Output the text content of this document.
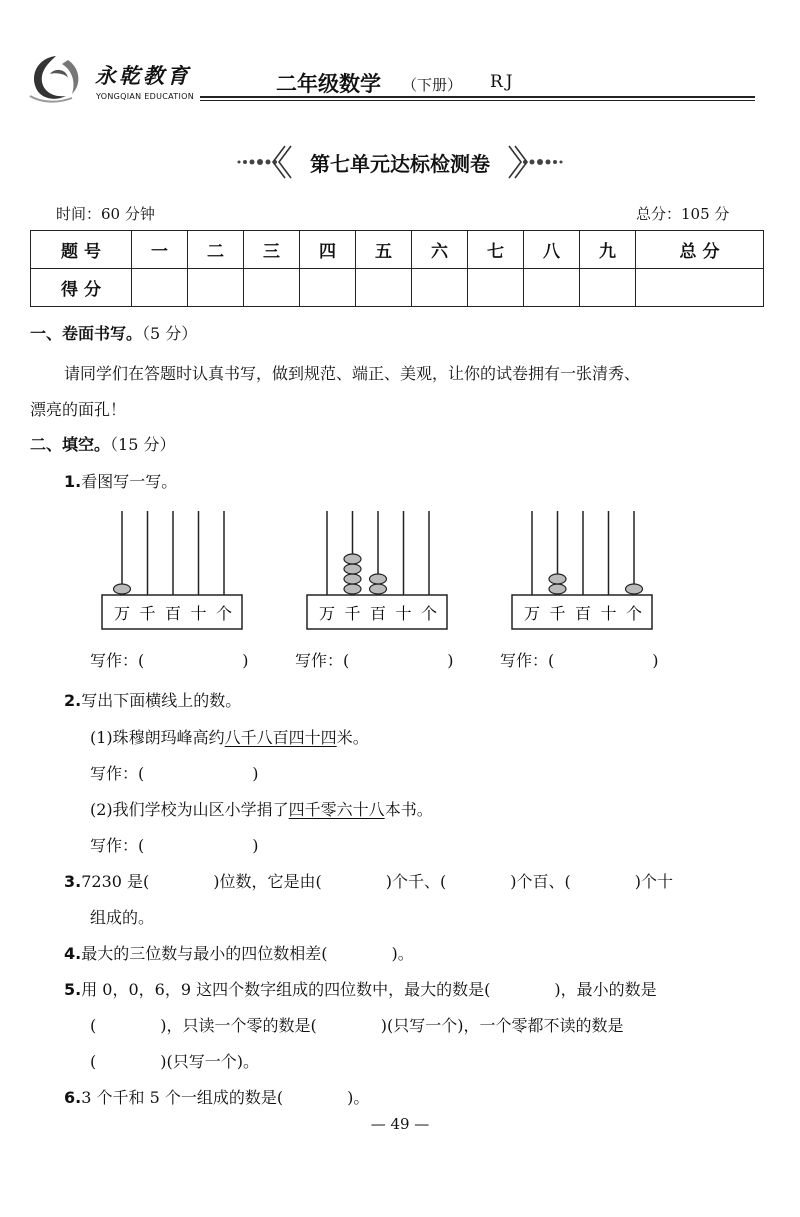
永乾教育
YONGQIAN EDUCATION
二年级数学 （下册） RJ
第七单元达标检测卷
时间：60 分钟	总分：105 分
题 号	一	二	三	四	五	六	七	八	九	总 分
得 分										
一、卷面书写。（5 分）
请同学们在答题时认真书写，做到规范、端正、美观，让你的试卷拥有一张清秀、
漂亮的面孔！
二、填空。（15 分）
1.看图写一写。
万 千 百 十 个	万 千 百 十 个	万 千 百 十 个
写作：(	)	写作：(	)	写作：(	)
2.写出下面横线上的数。
(1)珠穆朗玛峰高约八千八百四十四米。
写作：(	)
(2)我们学校为山区小学捐了四千零六十八本书。
写作：(	)
3.7230 是(　　　　)位数，它是由(　　　　)个千、(　　　　)个百、(　　　　)个十
组成的。
4.最大的三位数与最小的四位数相差(　　　　)。
5.用 0，0，6，9 这四个数字组成的四位数中，最大的数是(　　　　)，最小的数是
(　　　　)，只读一个零的数是(　　　　)(只写一个)，一个零都不读的数是
(　　　　)(只写一个)。
6.3 个千和 5 个一组成的数是(　　　　)。
— 49 —
